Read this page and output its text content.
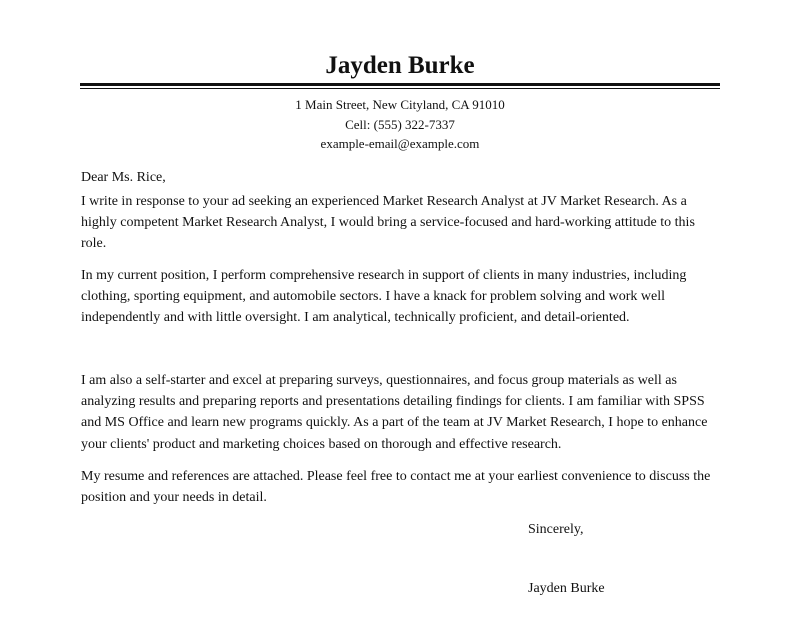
Jayden Burke
1 Main Street, New Cityland, CA 91010
Cell: (555) 322-7337
example-email@example.com

Dear Ms. Rice,

I write in response to your ad seeking an experienced Market Research Analyst at JV Market Research. As a highly competent Market Research Analyst, I would bring a service-focused and hard-working attitude to this role.

In my current position, I perform comprehensive research in support of clients in many industries, including clothing, sporting equipment, and automobile sectors. I have a knack for problem solving and work well independently and with little oversight. I am analytical, technically proficient, and detail-oriented.

I am also a self-starter and excel at preparing surveys, questionnaires, and focus group materials as well as analyzing results and preparing reports and presentations detailing findings for clients. I am familiar with SPSS and MS Office and learn new programs quickly. As a part of the team at JV Market Research, I hope to enhance your clients' product and marketing choices based on thorough and effective research.

My resume and references are attached. Please feel free to contact me at your earliest convenience to discuss the position and your needs in detail.

Sincerely,
Jayden Burke
